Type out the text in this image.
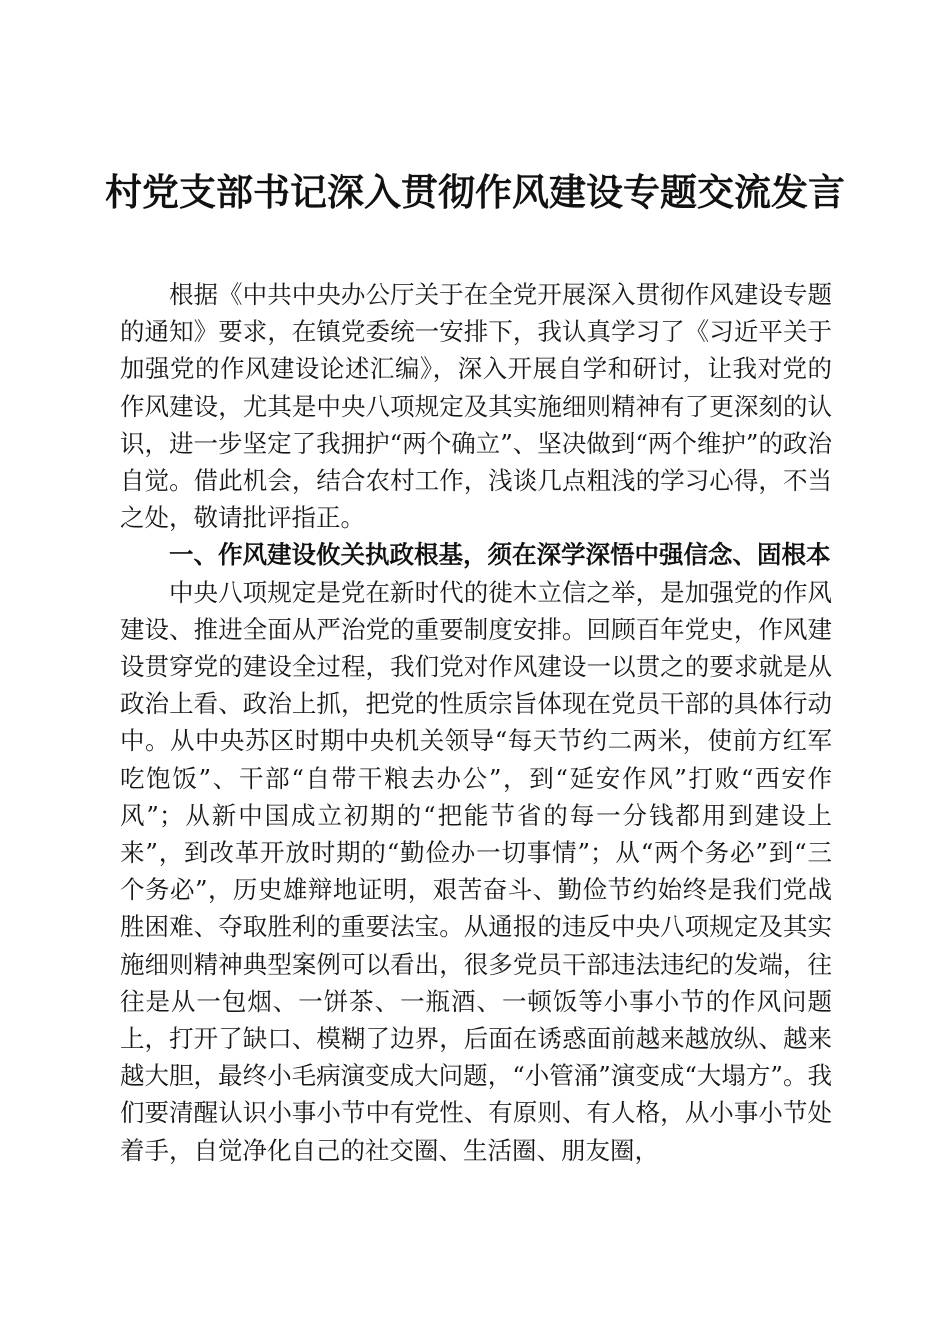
村党支部书记深入贯彻作风建设专题交流发言

根据《中共中央办公厅关于在全党开展深入贯彻作风建设专题的通知》要求，在镇党委统一安排下，我认真学习了《习近平关于加强党的作风建设论述汇编》，深入开展自学和研讨，让我对党的作风建设，尤其是中央八项规定及其实施细则精神有了更深刻的认识，进一步坚定了我拥护“两个确立”、坚决做到“两个维护”的政治自觉。借此机会，结合农村工作，浅谈几点粗浅的学习心得，不当之处，敬请批评指正。

一、作风建设攸关执政根基，须在深学深悟中强信念、固根本

中央八项规定是党在新时代的徙木立信之举，是加强党的作风建设、推进全面从严治党的重要制度安排。回顾百年党史，作风建设贯穿党的建设全过程，我们党对作风建设一以贯之的要求就是从政治上看、政治上抓，把党的性质宗旨体现在党员干部的具体行动中。从中央苏区时期中央机关领导“每天节约二两米，使前方红军吃饱饭”、干部“自带干粮去办公”，到“延安作风”打败“西安作风”；从新中国成立初期的“把能节省的每一分钱都用到建设上来”，到改革开放时期的“勤俭办一切事情”；从“两个务必”到“三个务必”，历史雄辩地证明，艰苦奋斗、勤俭节约始终是我们党战胜困难、夺取胜利的重要法宝。从通报的违反中央八项规定及其实施细则精神典型案例可以看出，很多党员干部违法违纪的发端，往往是从一包烟、一饼茶、一瓶酒、一顿饭等小事小节的作风问题上，打开了缺口、模糊了边界，后面在诱惑面前越来越放纵、越来越大胆，最终小毛病演变成大问题，“小管涌”演变成“大塌方”。我们要清醒认识小事小节中有党性、有原则、有人格，从小事小节处着手，自觉净化自己的社交圈、生活圈、朋友圈，
